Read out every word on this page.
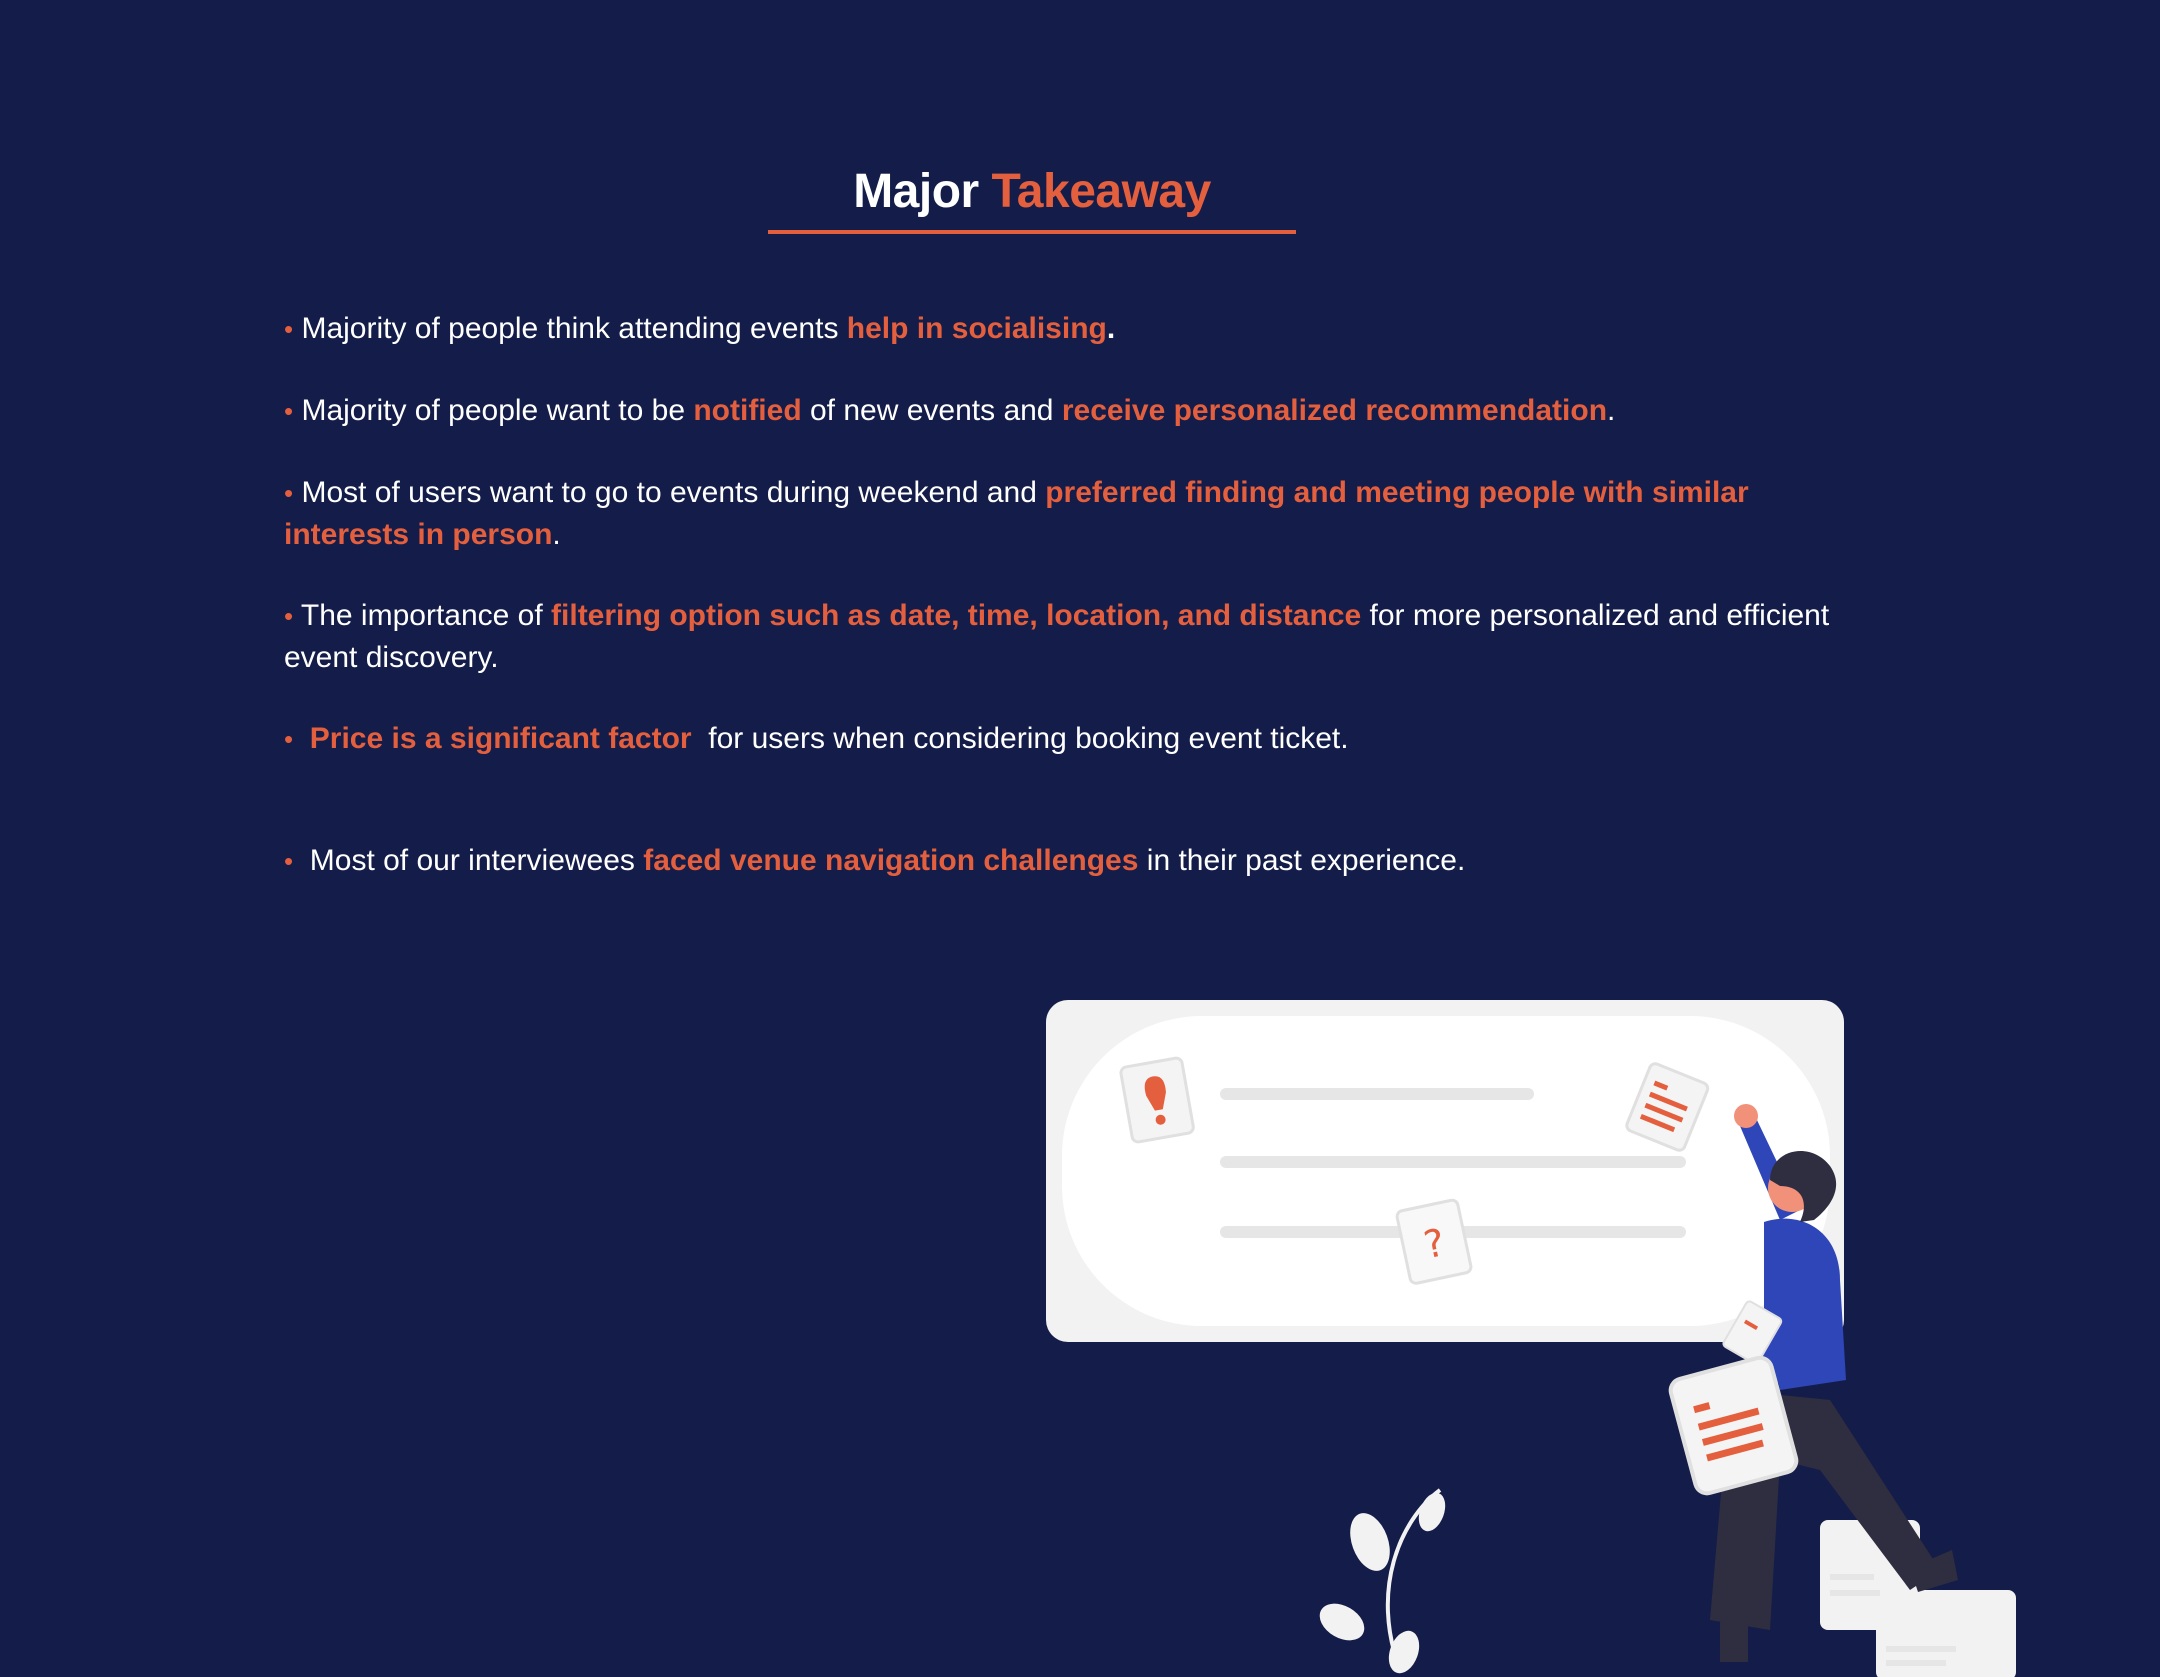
Major Takeaway

• Majority of people think attending events help in socialising.

• Majority of people want to be notified of new events and receive personalized recommendation.

• Most of users want to go to events during weekend and preferred finding and meeting people with similar interests in person.

• The importance of filtering option such as date, time, location, and distance for more personalized and efficient event discovery.

• Price is a significant factor  for users when considering booking event ticket.

• Most of our interviewees faced venue navigation challenges in their past experience.

?
